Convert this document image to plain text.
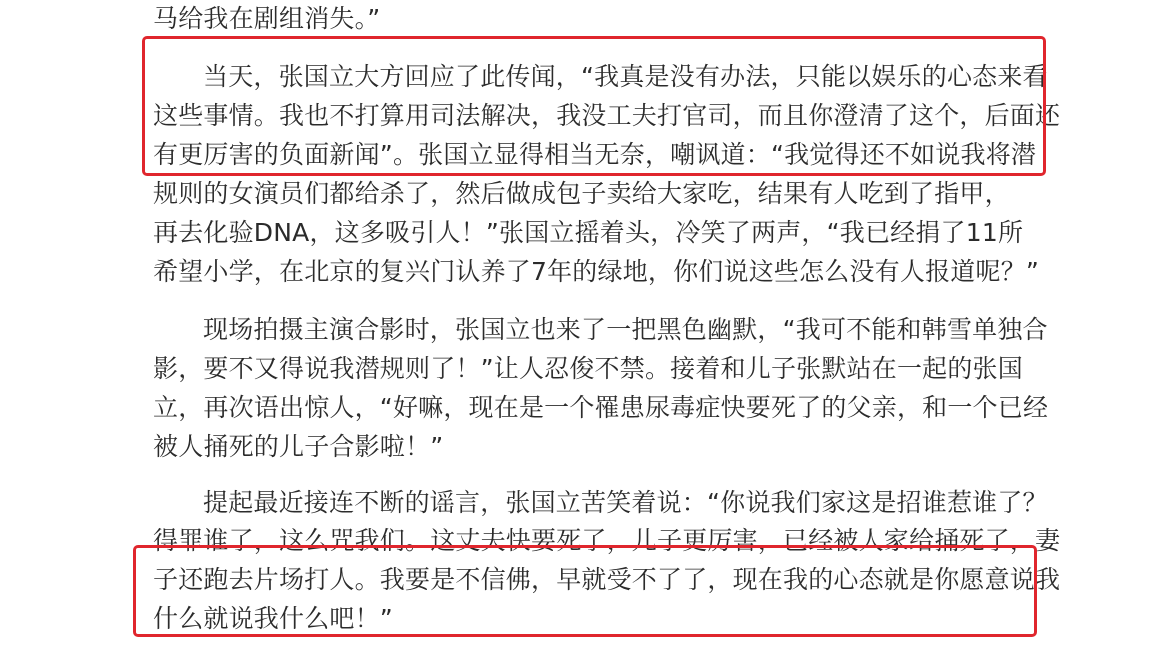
马给我在剧组消失。”
当天，张国立大方回应了此传闻，“我真是没有办法，只能以娱乐的心态来看
这些事情。我也不打算用司法解决，我没工夫打官司，而且你澄清了这个，后面还
有更厉害的负面新闻”。张国立显得相当无奈，嘲讽道：“我觉得还不如说我将潜
规则的女演员们都给杀了，然后做成包子卖给大家吃，结果有人吃到了指甲，
再去化验DNA，这多吸引人！”张国立摇着头，冷笑了两声，“我已经捐了11所
希望小学，在北京的复兴门认养了7年的绿地，你们说这些怎么没有人报道呢？”
现场拍摄主演合影时，张国立也来了一把黑色幽默，“我可不能和韩雪单独合
影，要不又得说我潜规则了！”让人忍俊不禁。接着和儿子张默站在一起的张国
立，再次语出惊人，“好嘛，现在是一个罹患尿毒症快要死了的父亲，和一个已经
被人捅死的儿子合影啦！”
提起最近接连不断的谣言，张国立苦笑着说：“你说我们家这是招谁惹谁了？
得罪谁了，这么咒我们。这丈夫快要死了，儿子更厉害，已经被人家给捅死了，妻
子还跑去片场打人。我要是不信佛，早就受不了了，现在我的心态就是你愿意说我
什么就说我什么吧！”
